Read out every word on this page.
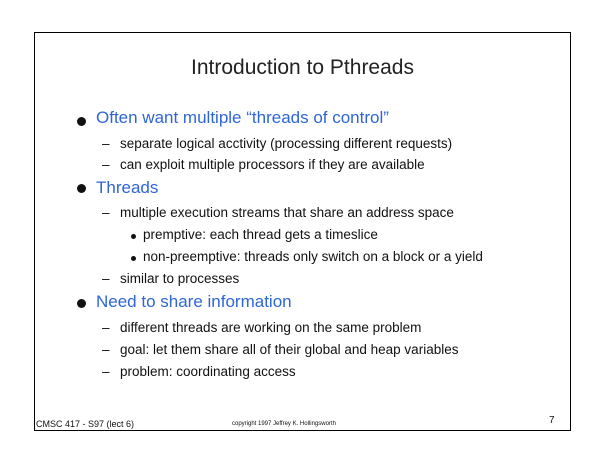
Introduction to Pthreads
Often want multiple “threads of control”
– separate logical acctivity (processing different requests)
– can exploit multiple processors if they are available
Threads
– multiple execution streams that share an address space
premptive: each thread gets a timeslice
non-preemptive: threads only switch on a block or a yield
– similar to processes
Need to share information
– different threads are working on the same problem
– goal: let them share all of their global and heap variables
– problem: coordinating access
CMSC 417 - S97 (lect 6)	copyright 1997 Jeffrey K. Hollingsworth	7
